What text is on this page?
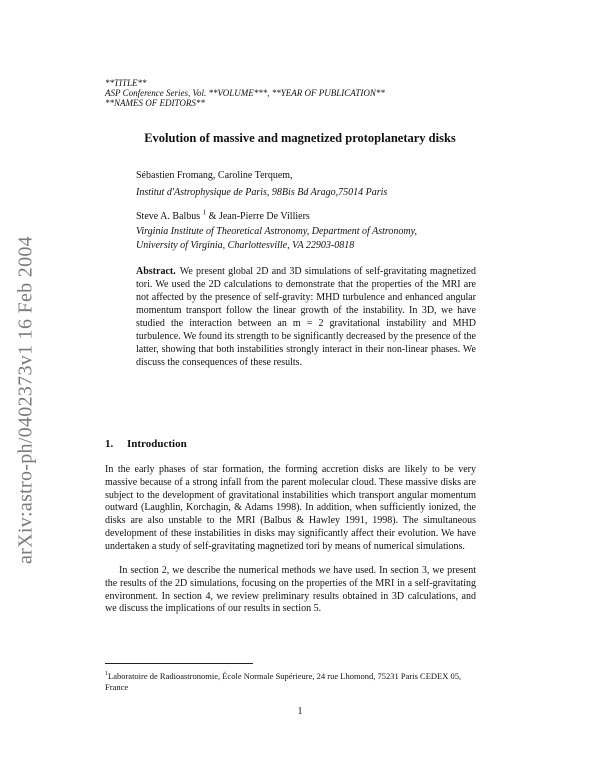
arXiv:astro-ph/0402373v1 16 Feb 2004
**TITLE**
ASP Conference Series, Vol. **VOLUME***, **YEAR OF PUBLICATION**
**NAMES OF EDITORS**
Evolution of massive and magnetized protoplanetary disks
Sébastien Fromang, Caroline Terquem,
Institut d'Astrophysique de Paris, 98Bis Bd Arago,75014 Paris
Steve A. Balbus $^1$ & Jean-Pierre De Villiers
Virginia Institute of Theoretical Astronomy, Department of Astronomy,
University of Virginia, Charlottesville, VA 22903-0818
Abstract. We present global 2D and 3D simulations of self-gravitating magnetized tori. We used the 2D calculations to demonstrate that the properties of the MRI are not affected by the presence of self-gravity: MHD turbulence and enhanced angular momentum transport follow the linear growth of the instability. In 3D, we have studied the interaction between an m = 2 gravitational instability and MHD turbulence. We found its strength to be significantly decreased by the presence of the latter, showing that both instabilities strongly interact in their non-linear phases. We discuss the consequences of these results.
1. Introduction
In the early phases of star formation, the forming accretion disks are likely to be very massive because of a strong infall from the parent molecular cloud. These massive disks are subject to the development of gravitational instabilities which transport angular momentum outward (Laughlin, Korchagin, & Adams 1998). In addition, when sufficiently ionized, the disks are also unstable to the MRI (Balbus & Hawley 1991, 1998). The simultaneous development of these instabilities in disks may significantly affect their evolution. We have undertaken a study of self-gravitating magnetized tori by means of numerical simulations.
In section 2, we describe the numerical methods we have used. In section 3, we present the results of the 2D simulations, focusing on the properties of the MRI in a self-gravitating environment. In section 4, we review preliminary results obtained in 3D calculations, and we discuss the implications of our results in section 5.
$^1$Laboratoire de Radioastronomie, École Normale Supérieure, 24 rue Lhomond, 75231 Paris CEDEX 05, France
1
